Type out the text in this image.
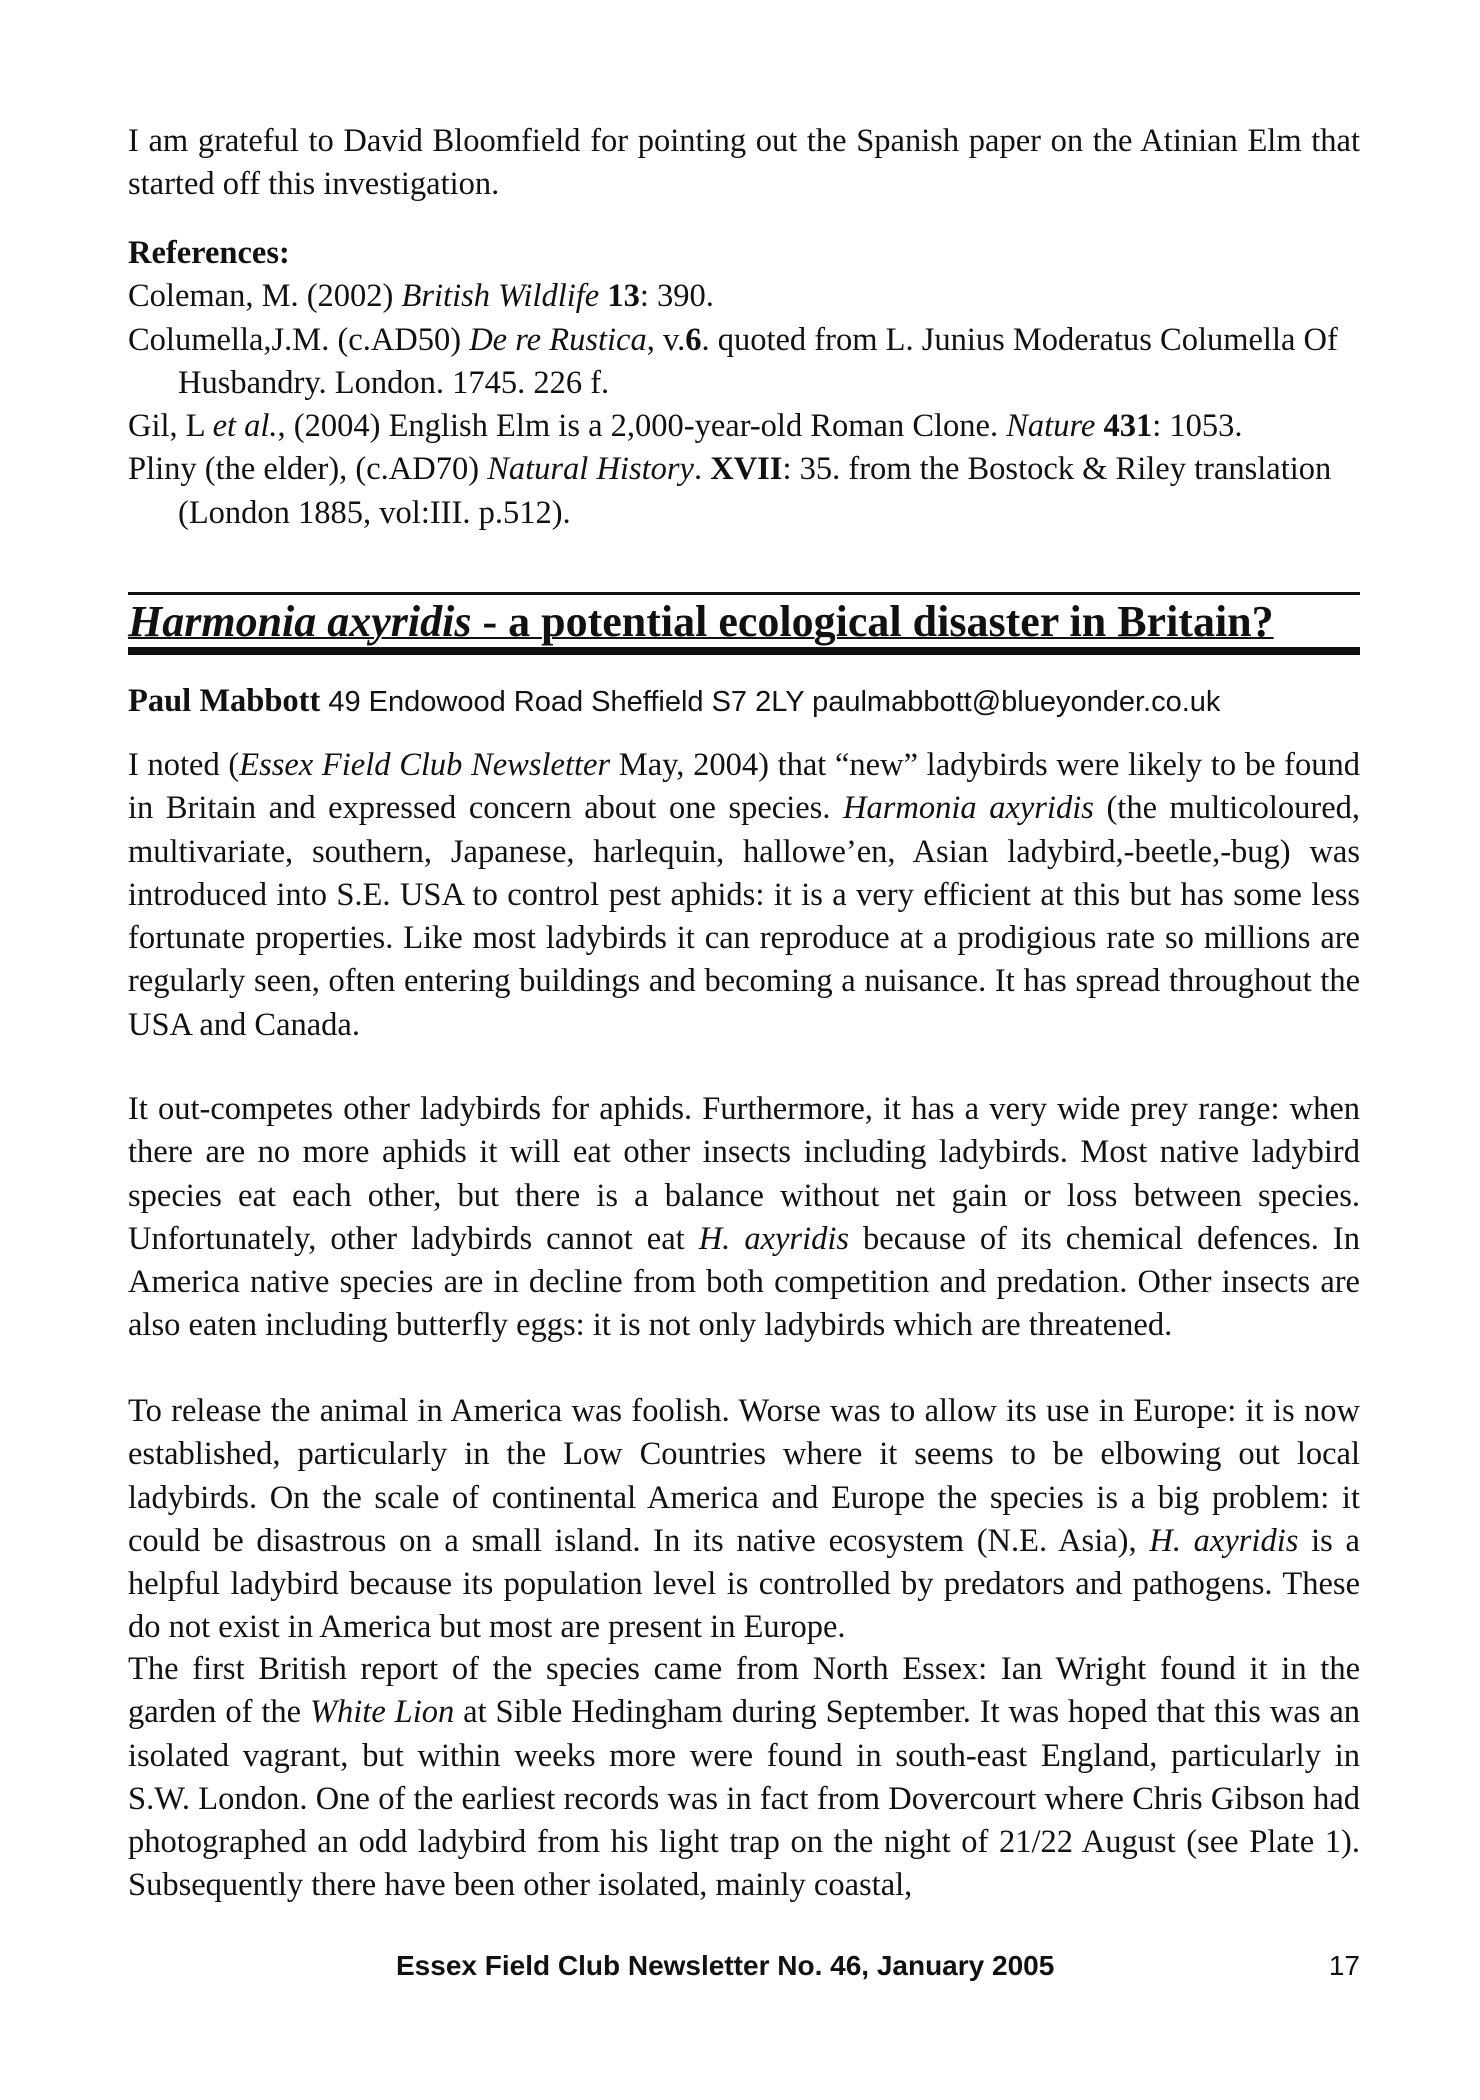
I am grateful to David Bloomfield for pointing out the Spanish paper on the Atinian Elm that started off this investigation.

References:

Coleman, M. (2002) British Wildlife 13: 390.

Columella,J.M. (c.AD50) De re Rustica, v.6. quoted from L. Junius Moderatus Columella Of Husbandry. London. 1745. 226 f.

Gil, L et al., (2004) English Elm is a 2,000-year-old Roman Clone. Nature 431: 1053.

Pliny (the elder), (c.AD70) Natural History. XVII: 35. from the Bostock & Riley translation (London 1885, vol:III. p.512).

Harmonia axyridis - a potential ecological disaster in Britain?

Paul Mabbott 49 Endowood Road Sheffield S7 2LY paulmabbott@blueyonder.co.uk

I noted (Essex Field Club Newsletter May, 2004) that “new” ladybirds were likely to be found in Britain and expressed concern about one species. Harmonia axyridis (the multicoloured, multivariate, southern, Japanese, harlequin, hallowe’en, Asian ladybird,-beetle,-bug) was introduced into S.E. USA to control pest aphids: it is a very efficient at this but has some less fortunate properties. Like most ladybirds it can reproduce at a prodigious rate so millions are regularly seen, often entering buildings and becoming a nuisance. It has spread throughout the USA and Canada.

It out-competes other ladybirds for aphids. Furthermore, it has a very wide prey range: when there are no more aphids it will eat other insects including ladybirds. Most native ladybird species eat each other, but there is a balance without net gain or loss between species. Unfortunately, other ladybirds cannot eat H. axyridis because of its chemical defences. In America native species are in decline from both competition and predation. Other insects are also eaten including butterfly eggs: it is not only ladybirds which are threatened.

To release the animal in America was foolish. Worse was to allow its use in Europe: it is now established, particularly in the Low Countries where it seems to be elbowing out local ladybirds. On the scale of continental America and Europe the species is a big problem: it could be disastrous on a small island. In its native ecosystem (N.E. Asia), H. axyridis is a helpful ladybird because its population level is controlled by predators and pathogens. These do not exist in America but most are present in Europe.

The first British report of the species came from North Essex: Ian Wright found it in the garden of the White Lion at Sible Hedingham during September. It was hoped that this was an isolated vagrant, but within weeks more were found in south-east England, particularly in S.W. London. One of the earliest records was in fact from Dovercourt where Chris Gibson had photographed an odd ladybird from his light trap on the night of 21/22 August (see Plate 1). Subsequently there have been other isolated, mainly coastal,

Essex Field Club Newsletter No. 46, January 2005	17
